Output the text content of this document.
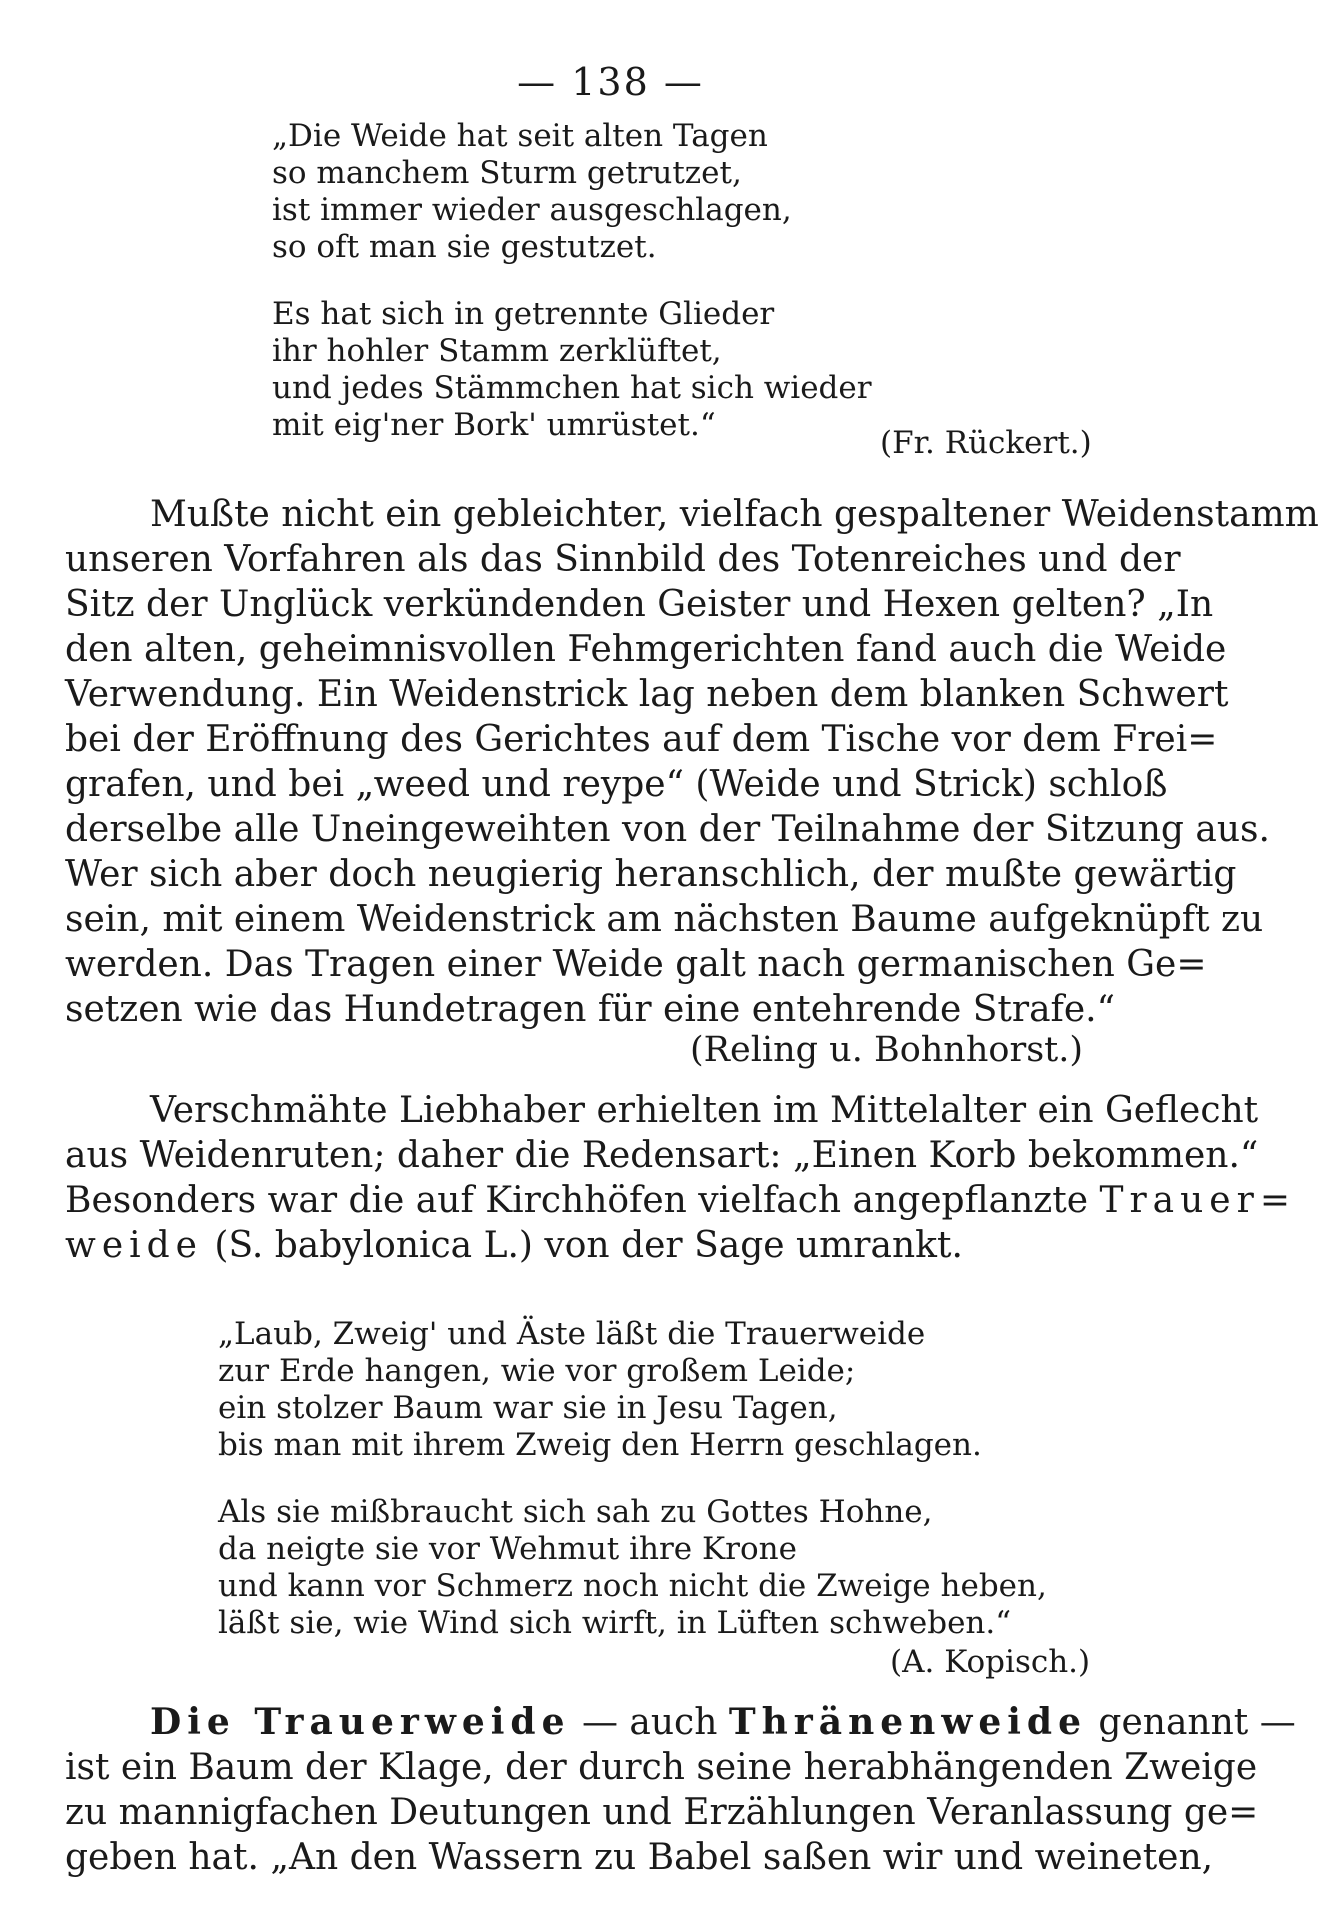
— 138 —

„Die Weide hat seit alten Tagen
so manchem Sturm getrutzet,
ist immer wieder ausgeschlagen,
so oft man sie gestutzet.
Es hat sich in getrennte Glieder
ihr hohler Stamm zerklüftet,
und jedes Stämmchen hat sich wieder
mit eig'ner Bork' umrüstet.“	(Fr. Rückert.)

Mußte nicht ein gebleichter, vielfach gespaltener Weidenstamm
unseren Vorfahren als das Sinnbild des Totenreiches und der
Sitz der Unglück verkündenden Geister und Hexen gelten? „In
den alten, geheimnisvollen Fehmgerichten fand auch die Weide
Verwendung. Ein Weidenstrick lag neben dem blanken Schwert
bei der Eröffnung des Gerichtes auf dem Tische vor dem Frei=
grafen, und bei „weed und reype“ (Weide und Strick) schloß
derselbe alle Uneingeweihten von der Teilnahme der Sitzung aus.
Wer sich aber doch neugierig heranschlich, der mußte gewärtig
sein, mit einem Weidenstrick am nächsten Baume aufgeknüpft zu
werden. Das Tragen einer Weide galt nach germanischen Ge=
setzen wie das Hundetragen für eine entehrende Strafe.“

(Reling u. Bohnhorst.)

Verschmähte Liebhaber erhielten im Mittelalter ein Geflecht
aus Weidenruten; daher die Redensart: „Einen Korb bekommen.“
Besonders war die auf Kirchhöfen vielfach angepflanzte Trauer=
weide (S. babylonica L.) von der Sage umrankt.
„Laub, Zweig' und Äste läßt die Trauerweide
zur Erde hangen, wie vor großem Leide;
ein stolzer Baum war sie in Jesu Tagen,
bis man mit ihrem Zweig den Herrn geschlagen.
Als sie mißbraucht sich sah zu Gottes Hohne,
da neigte sie vor Wehmut ihre Krone
und kann vor Schmerz noch nicht die Zweige heben,
läßt sie, wie Wind sich wirft, in Lüften schweben.“

(A. Kopisch.)

Die Trauerweide — auch Thränenweide genannt —
ist ein Baum der Klage, der durch seine herabhängenden Zweige
zu mannigfachen Deutungen und Erzählungen Veranlassung ge=
geben hat. „An den Wassern zu Babel saßen wir und weineten,
